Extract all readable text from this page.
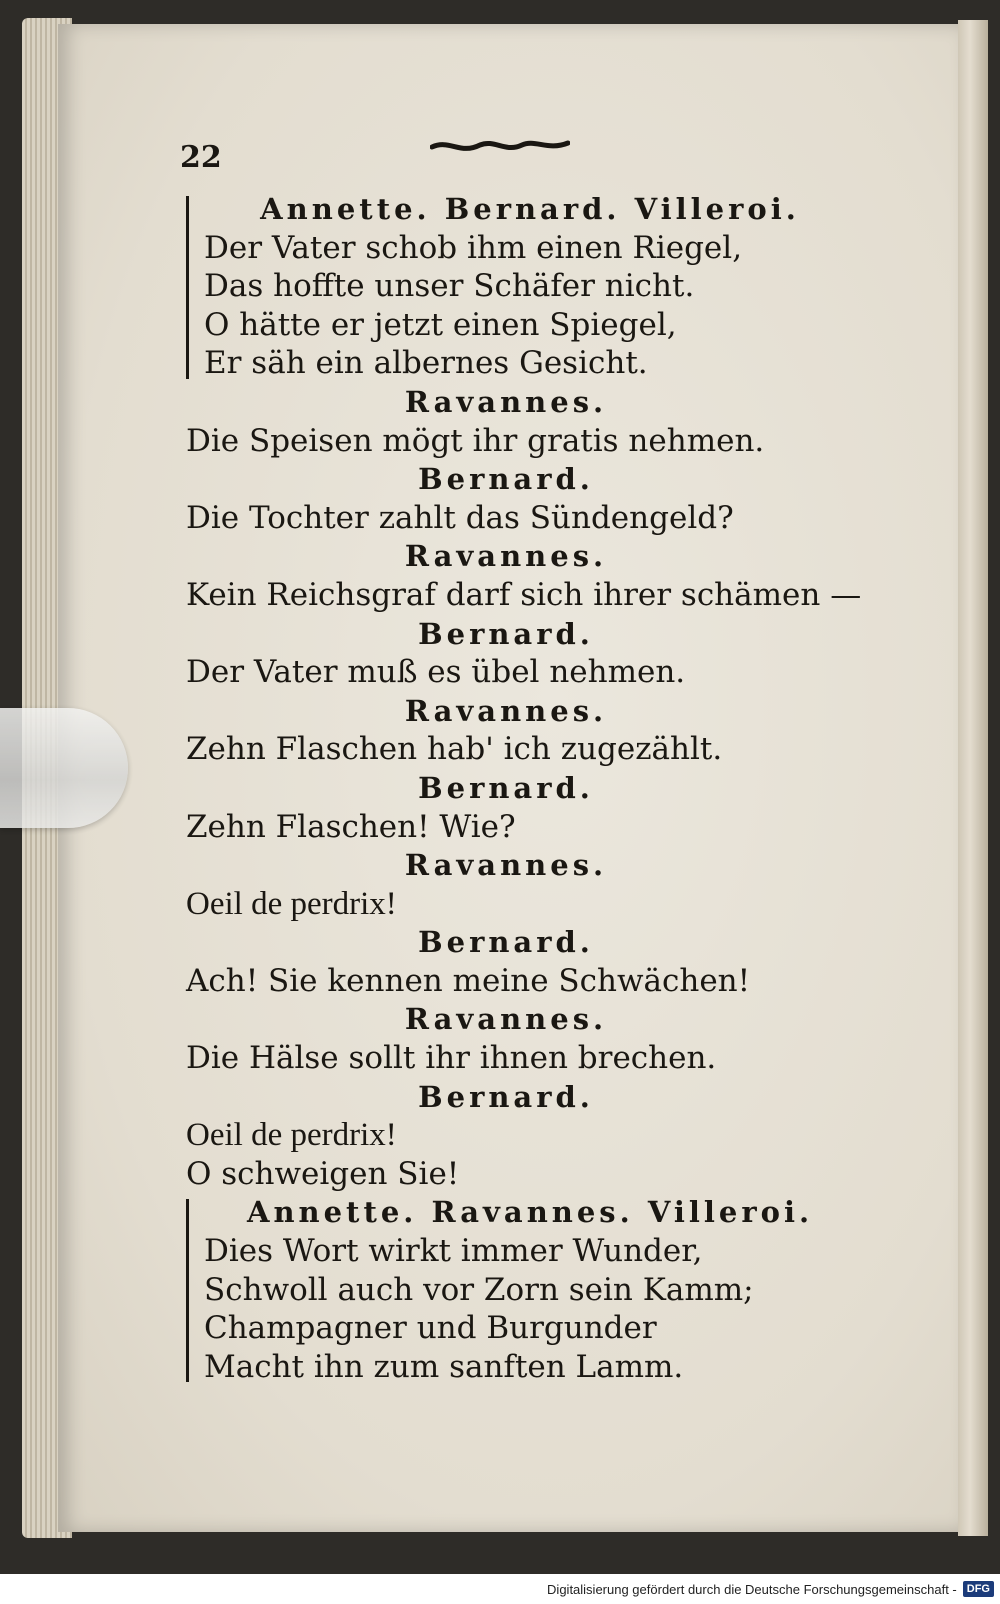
22
Annette. Bernard. Villeroi.
Der Vater schob ihm einen Riegel,
Das hoffte unser Schäfer nicht.
O hätte er jetzt einen Spiegel,
Er säh ein albernes Gesicht.
Ravannes.
Die Speisen mögt ihr gratis nehmen.
Bernard.
Die Tochter zahlt das Sündengeld?
Ravannes.
Kein Reichsgraf darf sich ihrer schämen —
Bernard.
Der Vater muß es übel nehmen.
Ravannes.
Zehn Flaschen hab' ich zugezählt.
Bernard.
Zehn Flaschen! Wie?
Ravannes.
Oeil de perdrix!
Bernard.
Ach! Sie kennen meine Schwächen!
Ravannes.
Die Hälse sollt ihr ihnen brechen.
Bernard.
Oeil de perdrix!
O schweigen Sie!
Annette. Ravannes. Villeroi.
Dies Wort wirkt immer Wunder,
Schwoll auch vor Zorn sein Kamm;
Champagner und Burgunder
Macht ihn zum sanften Lamm.
Digitalisierung gefördert durch die Deutsche Forschungsgemeinschaft - DFG
